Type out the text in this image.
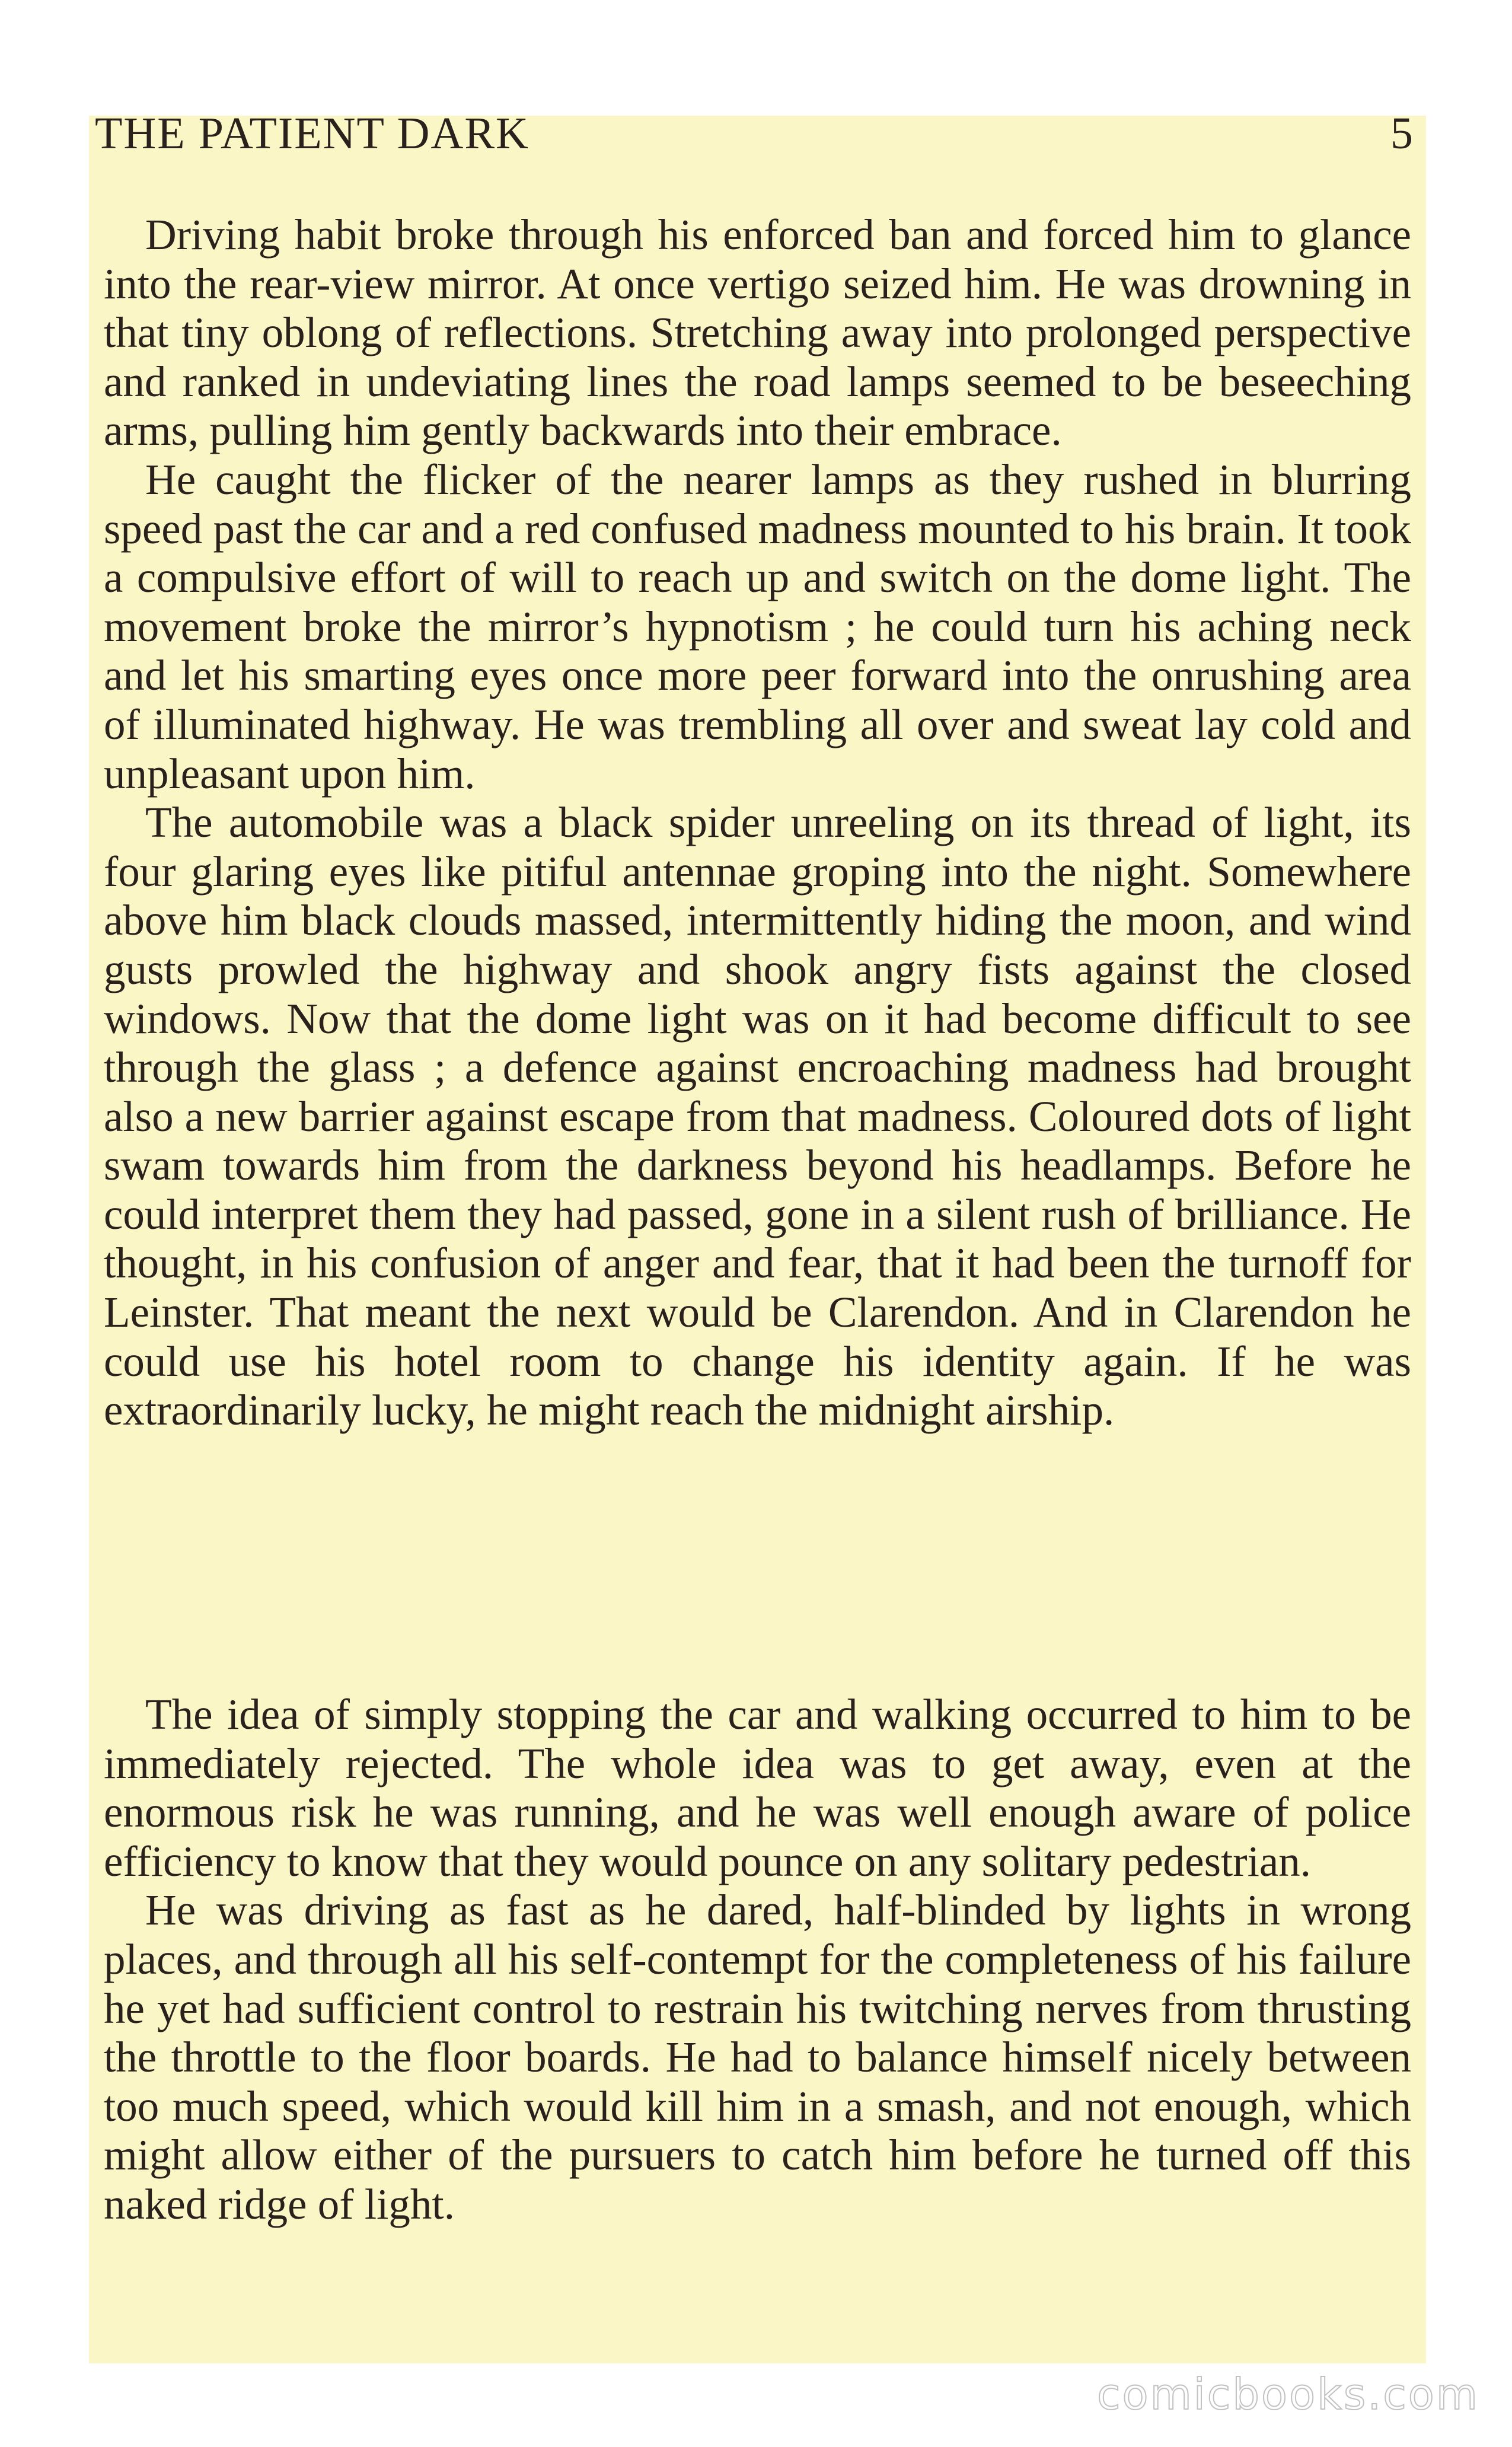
THE PATIENT DARK	5

Driving habit broke through his enforced ban and forced him to glance into the rear-view mirror. At once vertigo seized him. He was drowning in that tiny oblong of reflections. Stretching away into prolonged perspective and ranked in undeviating lines the road lamps seemed to be beseeching arms, pulling him gently backwards into their embrace.

He caught the flicker of the nearer lamps as they rushed in blurring speed past the car and a red confused madness mounted to his brain. It took a compulsive effort of will to reach up and switch on the dome light. The movement broke the mirror’s hypnotism ; he could turn his aching neck and let his smarting eyes once more peer forward into the onrushing area of illuminated highway. He was trembling all over and sweat lay cold and unpleasant upon him.

The automobile was a black spider unreeling on its thread of light, its four glaring eyes like pitiful antennae groping into the night. Somewhere above him black clouds massed, intermittently hiding the moon, and wind gusts prowled the highway and shook angry fists against the closed windows. Now that the dome light was on it had become difficult to see through the glass ; a defence against encroaching madness had brought also a new barrier against escape from that madness. Coloured dots of light swam towards him from the darkness beyond his headlamps. Before he could interpret them they had passed, gone in a silent rush of brilliance. He thought, in his confusion of anger and fear, that it had been the turnoff for Leinster. That meant the next would be Clarendon. And in Clarendon he could use his hotel room to change his identity again. If he was extraordinarily lucky, he might reach the midnight airship.

The idea of simply stopping the car and walking occurred to him to be immediately rejected. The whole idea was to get away, even at the enormous risk he was running, and he was well enough aware of police efficiency to know that they would pounce on any solitary pedestrian.

He was driving as fast as he dared, half-blinded by lights in wrong places, and through all his self-contempt for the completeness of his failure he yet had sufficient control to restrain his twitching nerves from thrusting the throttle to the floor boards. He had to balance himself nicely between too much speed, which would kill him in a smash, and not enough, which might allow either of the pursuers to catch him before he turned off this naked ridge of light.

comicbooks.com
